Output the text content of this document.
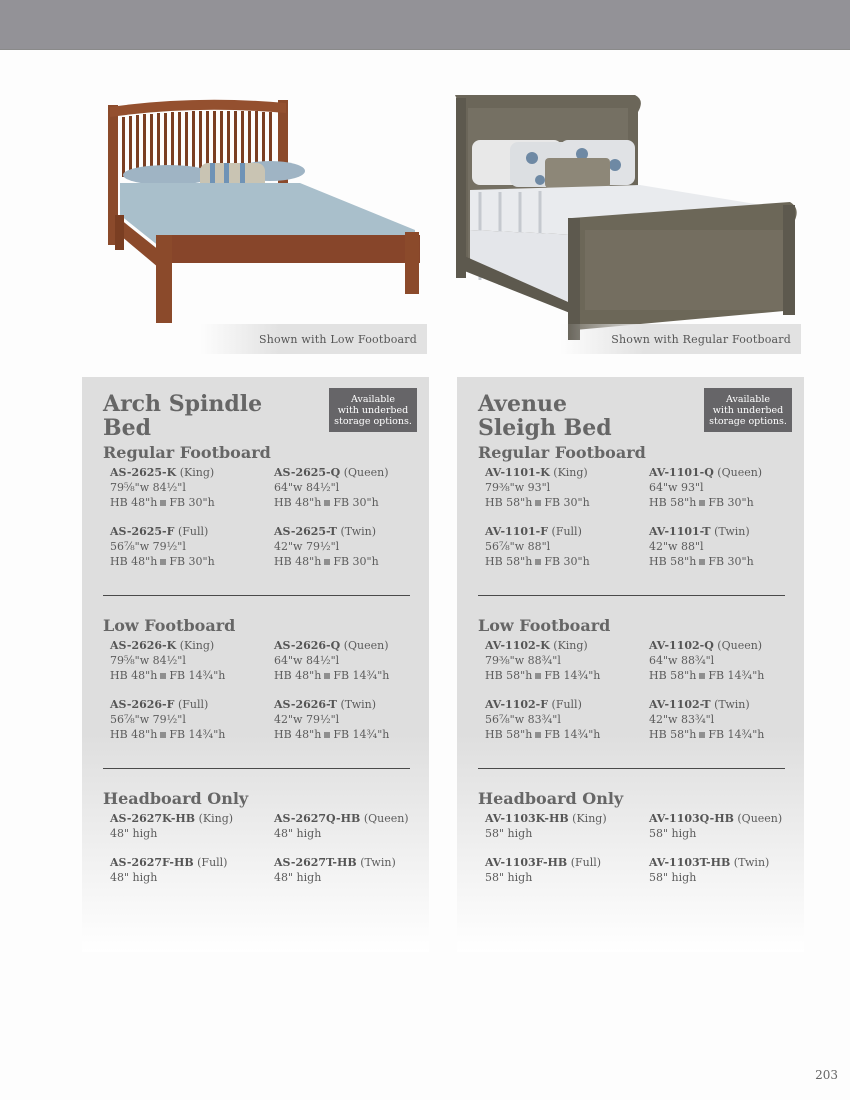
Shown with Low Footboard	Shown with Regular Footboard
Available
with underbed
storage options.
Arch Spindle
Bed
Regular Footboard
AS-2625-K (King)
79⅝"w 84½"l
HB 48"h FB 30"h
AS-2625-Q (Queen)
64"w 84½"l
HB 48"h FB 30"h
AS-2625-F (Full)
56⅞"w 79½"l
HB 48"h FB 30"h
AS-2625-T (Twin)
42"w 79½"l
HB 48"h FB 30"h
Low Footboard
AS-2626-K (King)
79⅝"w 84½"l
HB 48"h FB 14¾"h
AS-2626-Q (Queen)
64"w 84½"l
HB 48"h FB 14¾"h
AS-2626-F (Full)
56⅞"w 79½"l
HB 48"h FB 14¾"h
AS-2626-T (Twin)
42"w 79½"l
HB 48"h FB 14¾"h
Headboard Only
AS-2627K-HB (King)
48" high
AS-2627Q-HB (Queen)
48" high
AS-2627F-HB (Full)
48" high
AS-2627T-HB (Twin)
48" high
Available
with underbed
storage options.
Avenue
Sleigh Bed
Regular Footboard
AV-1101-K (King)
79⅜"w 93"l
HB 58"h FB 30"h
AV-1101-Q (Queen)
64"w 93"l
HB 58"h FB 30"h
AV-1101-F (Full)
56⅞"w 88"l
HB 58"h FB 30"h
AV-1101-T (Twin)
42"w 88"l
HB 58"h FB 30"h
Low Footboard
AV-1102-K (King)
79⅜"w 88¾"l
HB 58"h FB 14¾"h
AV-1102-Q (Queen)
64"w 88¾"l
HB 58"h FB 14¾"h
AV-1102-F (Full)
56⅞"w 83¾"l
HB 58"h FB 14¾"h
AV-1102-T (Twin)
42"w 83¾"l
HB 58"h FB 14¾"h
Headboard Only
AV-1103K-HB (King)
58" high
AV-1103Q-HB (Queen)
58" high
AV-1103F-HB (Full)
58" high
AV-1103T-HB (Twin)
58" high
203
